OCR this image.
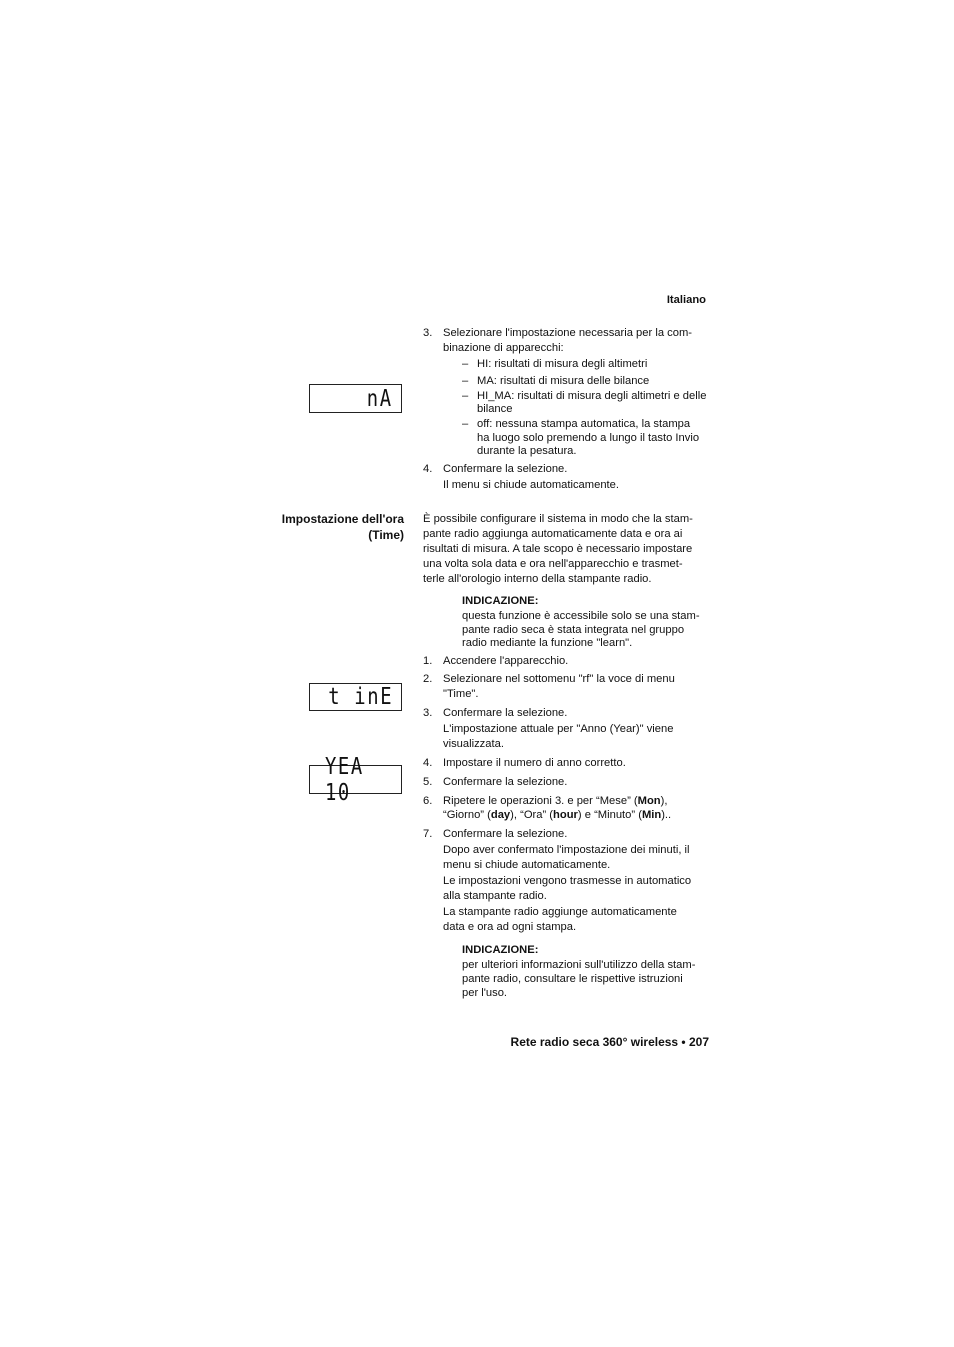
Italiano
nA
t inE
YEA 10
3. Selezionare l'impostazione necessaria per la com-
binazione di apparecchi:
– HI: risultati di misura degli altimetri
– MA: risultati di misura delle bilance
– HI_MA: risultati di misura degli altimetri e delle
bilance
– off: nessuna stampa automatica, la stampa
ha luogo solo premendo a lungo il tasto Invio
durante la pesatura.
4. Confermare la selezione.
Il menu si chiude automaticamente.
Impostazione dell'ora
(Time)
È possibile configurare il sistema in modo che la stam-
pante radio aggiunga automaticamente data e ora ai
risultati di misura. A tale scopo è necessario impostare
una volta sola data e ora nell'apparecchio e trasmet-
terle all'orologio interno della stampante radio.
INDICAZIONE:
questa funzione è accessibile solo se una stam-
pante radio seca è stata integrata nel gruppo
radio mediante la funzione "learn".
1. Accendere l'apparecchio.
2. Selezionare nel sottomenu "rf" la voce di menu
"Time".
3. Confermare la selezione.
L'impostazione attuale per "Anno (Year)" viene
visualizzata.
4. Impostare il numero di anno corretto.
5. Confermare la selezione.
6. Ripetere le operazioni 3. e per “Mese” (Mon),
“Giorno” (day), “Ora” (hour) e “Minuto” (Min)..
7. Confermare la selezione.
Dopo aver confermato l'impostazione dei minuti, il
menu si chiude automaticamente.
Le impostazioni vengono trasmesse in automatico
alla stampante radio.
La stampante radio aggiunge automaticamente
data e ora ad ogni stampa.
INDICAZIONE:
per ulteriori informazioni sull'utilizzo della stam-
pante radio, consultare le rispettive istruzioni
per l'uso.
Rete radio seca 360° wireless • 207
